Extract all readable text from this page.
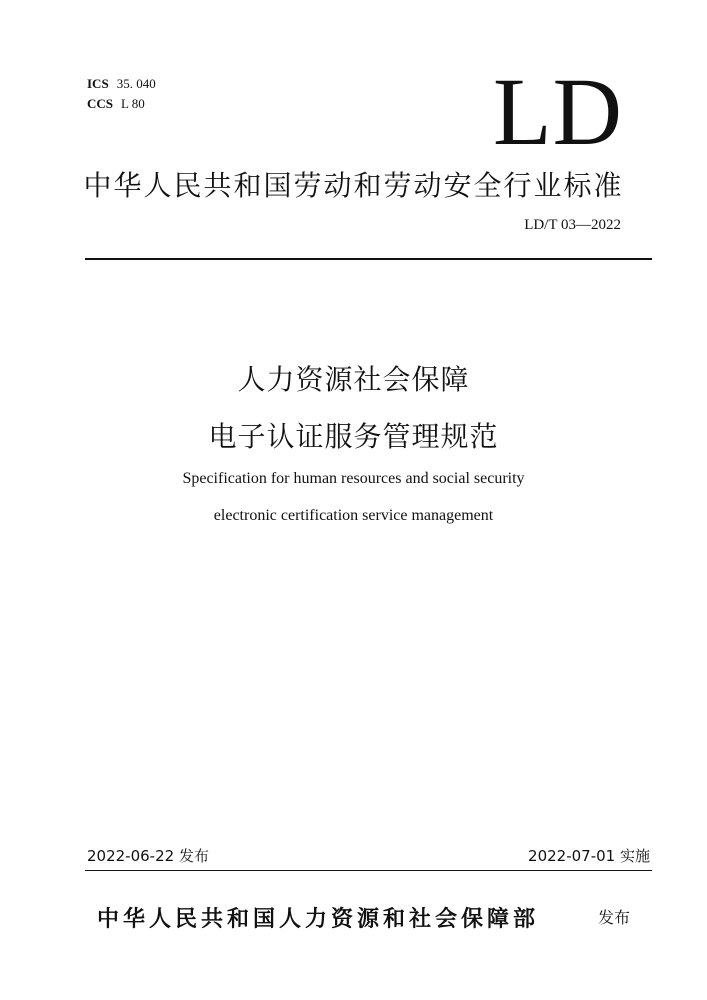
ICS 35. 040
CCS L 80	LD
中华人民共和国劳动和劳动安全行业标准
LD/T 03—2022
人力资源社会保障
电子认证服务管理规范
Specification for human resources and social security
electronic certification service management
2022-06-22 发布	2022-07-01 实施
中华人民共和国人力资源和社会保障部	发布
